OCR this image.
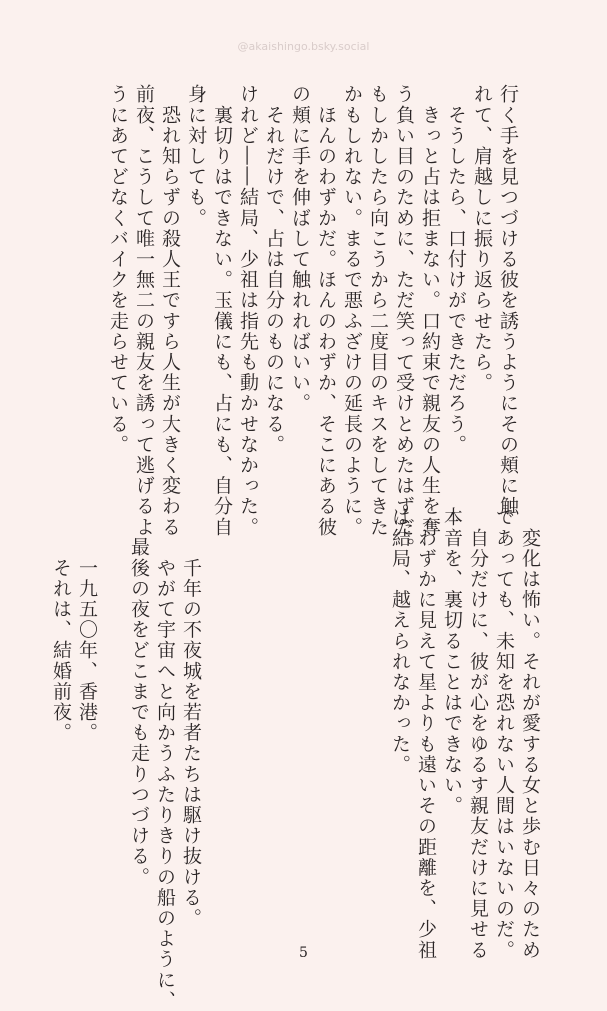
@akaishingo.bsky.social
行く手を見つづける彼を誘うようにその頬に触
れて、肩越しに振り返らせたら。
　そうしたら、口付けができただろう。
　きっと占は拒まない。口約束で親友の人生を奪
う負い目のために、ただ笑って受けとめたはずだ。
もしかしたら向こうから二度目のキスをしてきた
かもしれない。まるで悪ふざけの延長のように。
　ほんのわずかだ。ほんのわずか、そこにある彼
の頬に手を伸ばして触れればいい。
　それだけで、占は自分のものになる。
けれど――結局、少祖は指先も動かせなかった。
　裏切りはできない。玉儀にも、占にも、自分自
身に対しても。
　恐れ知らずの殺人王ですら人生が大きく変わる
前夜、こうして唯一無二の親友を誘って逃げるよ
うにあてどなくバイクを走らせている。
　変化は怖い。それが愛する女と歩む日々のため
であっても、未知を恐れない人間はいないのだ。
　自分だけに、彼が心をゆるす親友だけに見せる
本音を、裏切ることはできない。
　わずかに見えて星よりも遠いその距離を、少祖
は結局、越えられなかった。
　千年の不夜城を若者たちは駆け抜ける。
　やがて宇宙へと向かうふたりきりの船のように、
最後の夜をどこまでも走りつづける。

　一九五〇年、香港。
　それは、結婚前夜。
5
